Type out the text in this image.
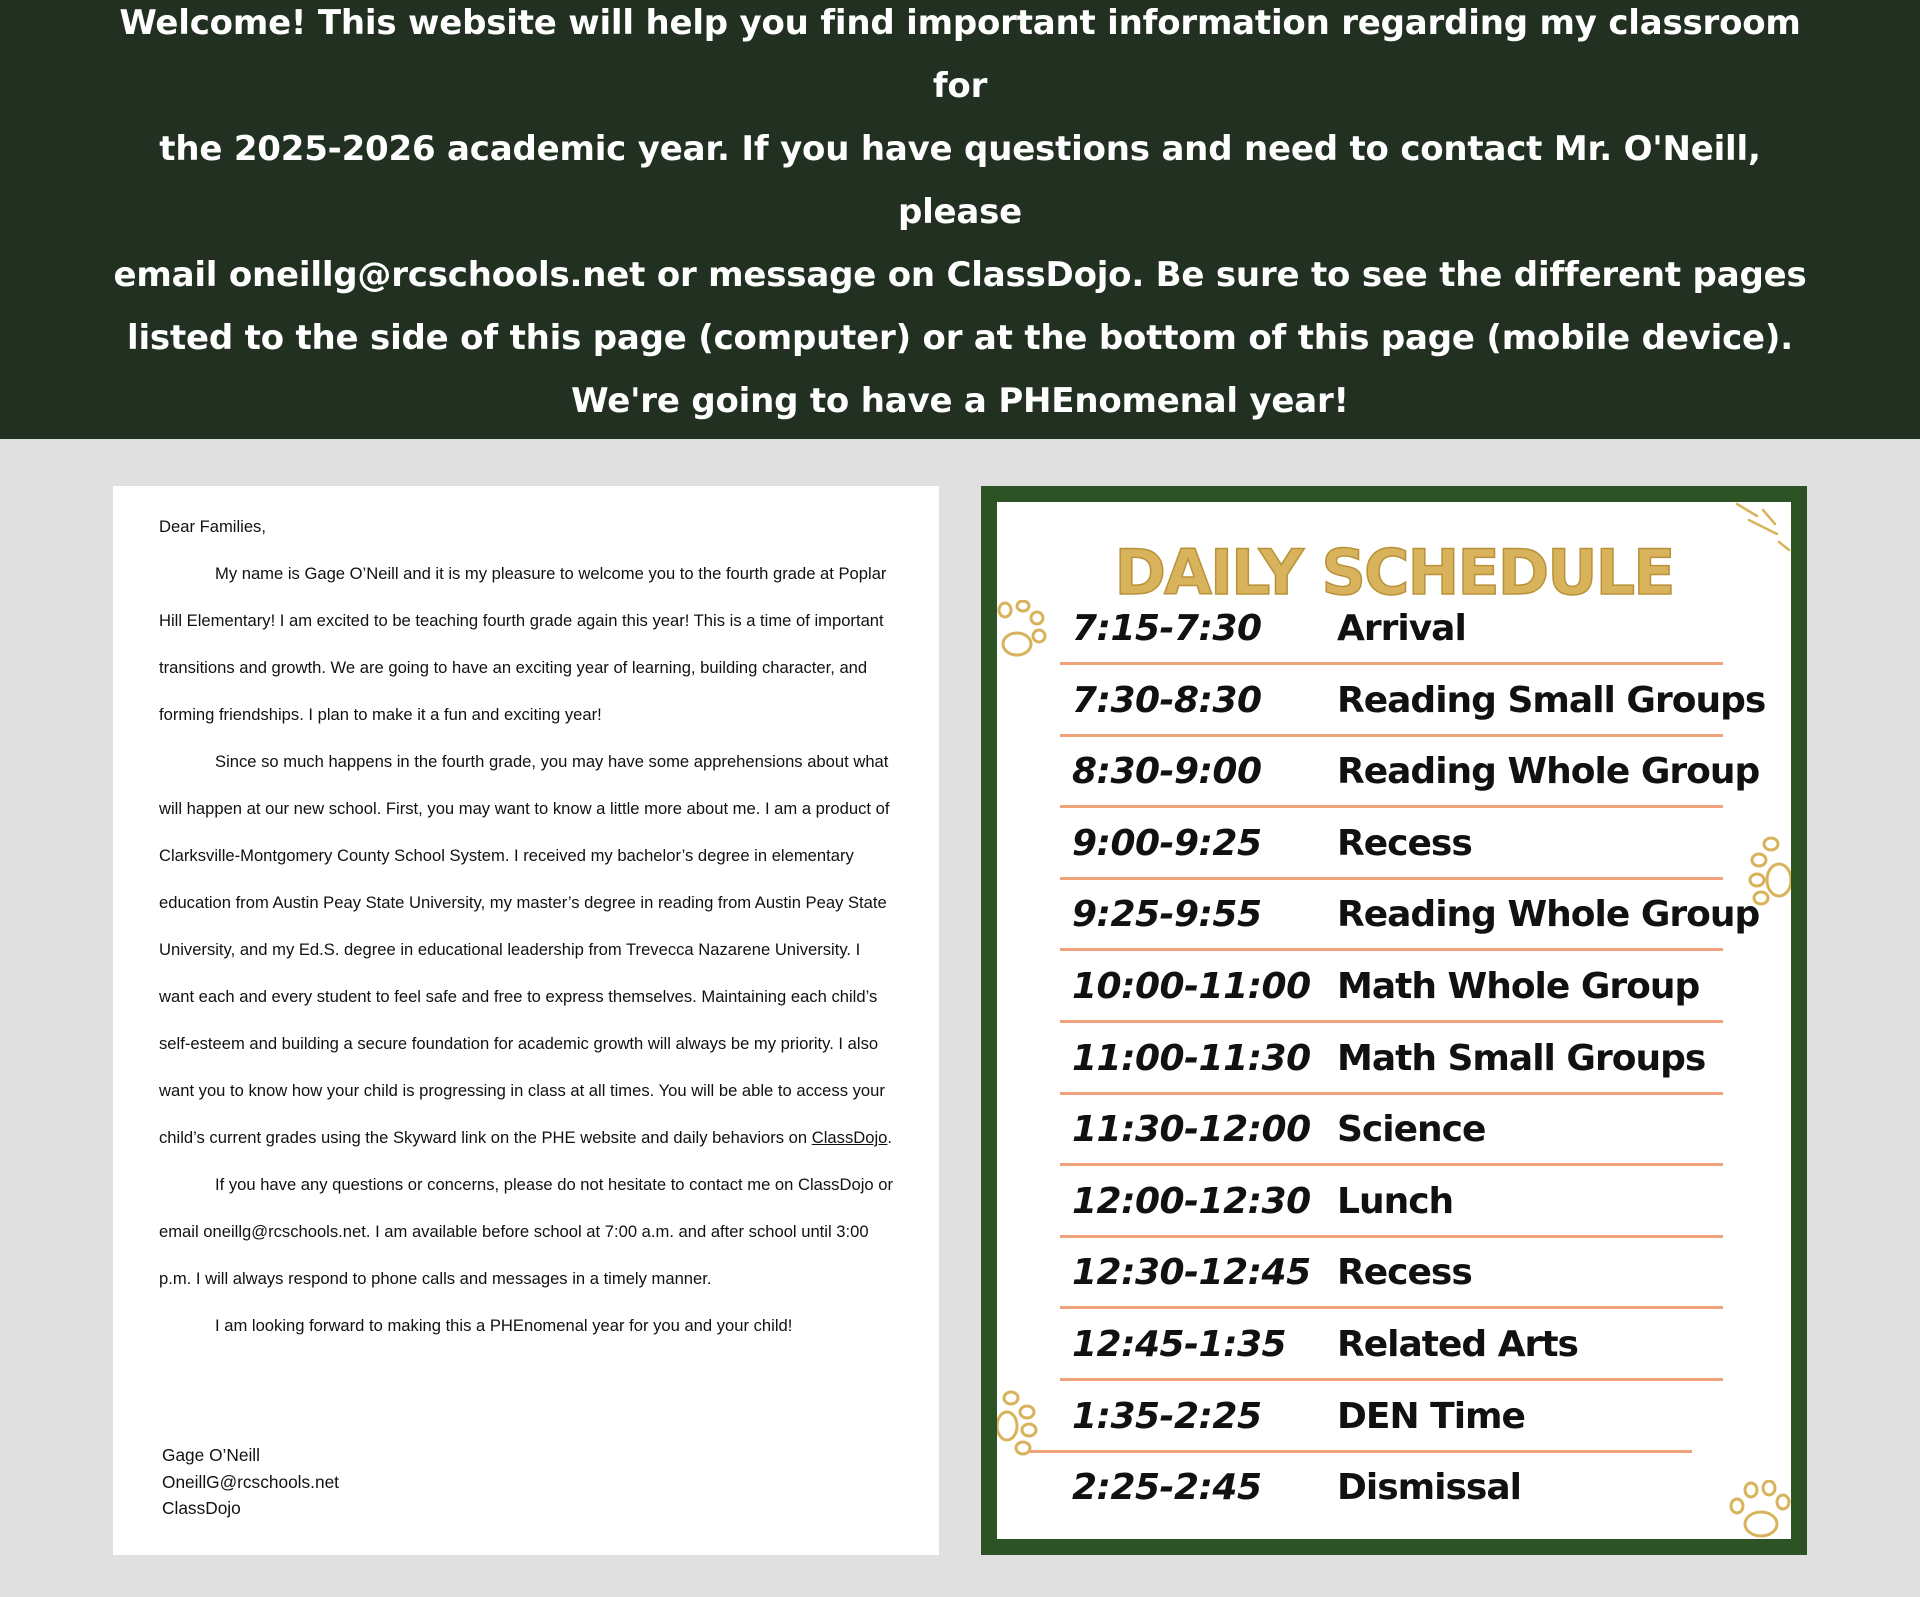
Welcome! This website will help you find important information regarding my classroom for
the 2025-2026 academic year. If you have questions and need to contact Mr. O'Neill, please
email oneillg@rcschools.net or message on ClassDojo. Be sure to see the different pages
listed to the side of this page (computer) or at the bottom of this page (mobile device).
We're going to have a PHEnomenal year!

Dear Families,

My name is Gage O’Neill and it is my pleasure to welcome you to the fourth grade at Poplar Hill Elementary! I am excited to be teaching fourth grade again this year! This is a time of important transitions and growth. We are going to have an exciting year of learning, building character, and forming friendships. I plan to make it a fun and exciting year!

Since so much happens in the fourth grade, you may have some apprehensions about what will happen at our new school. First, you may want to know a little more about me. I am a product of Clarksville-Montgomery County School System. I received my bachelor’s degree in elementary education from Austin Peay State University, my master’s degree in reading from Austin Peay State University, and my Ed.S. degree in educational leadership from Trevecca Nazarene University. I want each and every student to feel safe and free to express themselves. Maintaining each child’s self-esteem and building a secure foundation for academic growth will always be my priority. I also want you to know how your child is progressing in class at all times. You will be able to access your child’s current grades using the Skyward link on the PHE website and daily behaviors on ClassDojo.

If you have any questions or concerns, please do not hesitate to contact me on ClassDojo or email oneillg@rcschools.net. I am available before school at 7:00 a.m. and after school until 3:00 p.m. I will always respond to phone calls and messages in a timely manner.

I am looking forward to making this a PHEnomenal year for you and your child!

Gage O’Neill
OneillG@rcschools.net
ClassDojo
DAILY SCHEDULE
7:15-7:30 Arrival
7:30-8:30 Reading Small Groups
8:30-9:00 Reading Whole Group
9:00-9:25 Recess
9:25-9:55 Reading Whole Group
10:00-11:00 Math Whole Group
11:00-11:30 Math Small Groups
11:30-12:00 Science
12:00-12:30 Lunch
12:30-12:45 Recess
12:45-1:35 Related Arts
1:35-2:25 DEN Time
2:25-2:45 Dismissal
